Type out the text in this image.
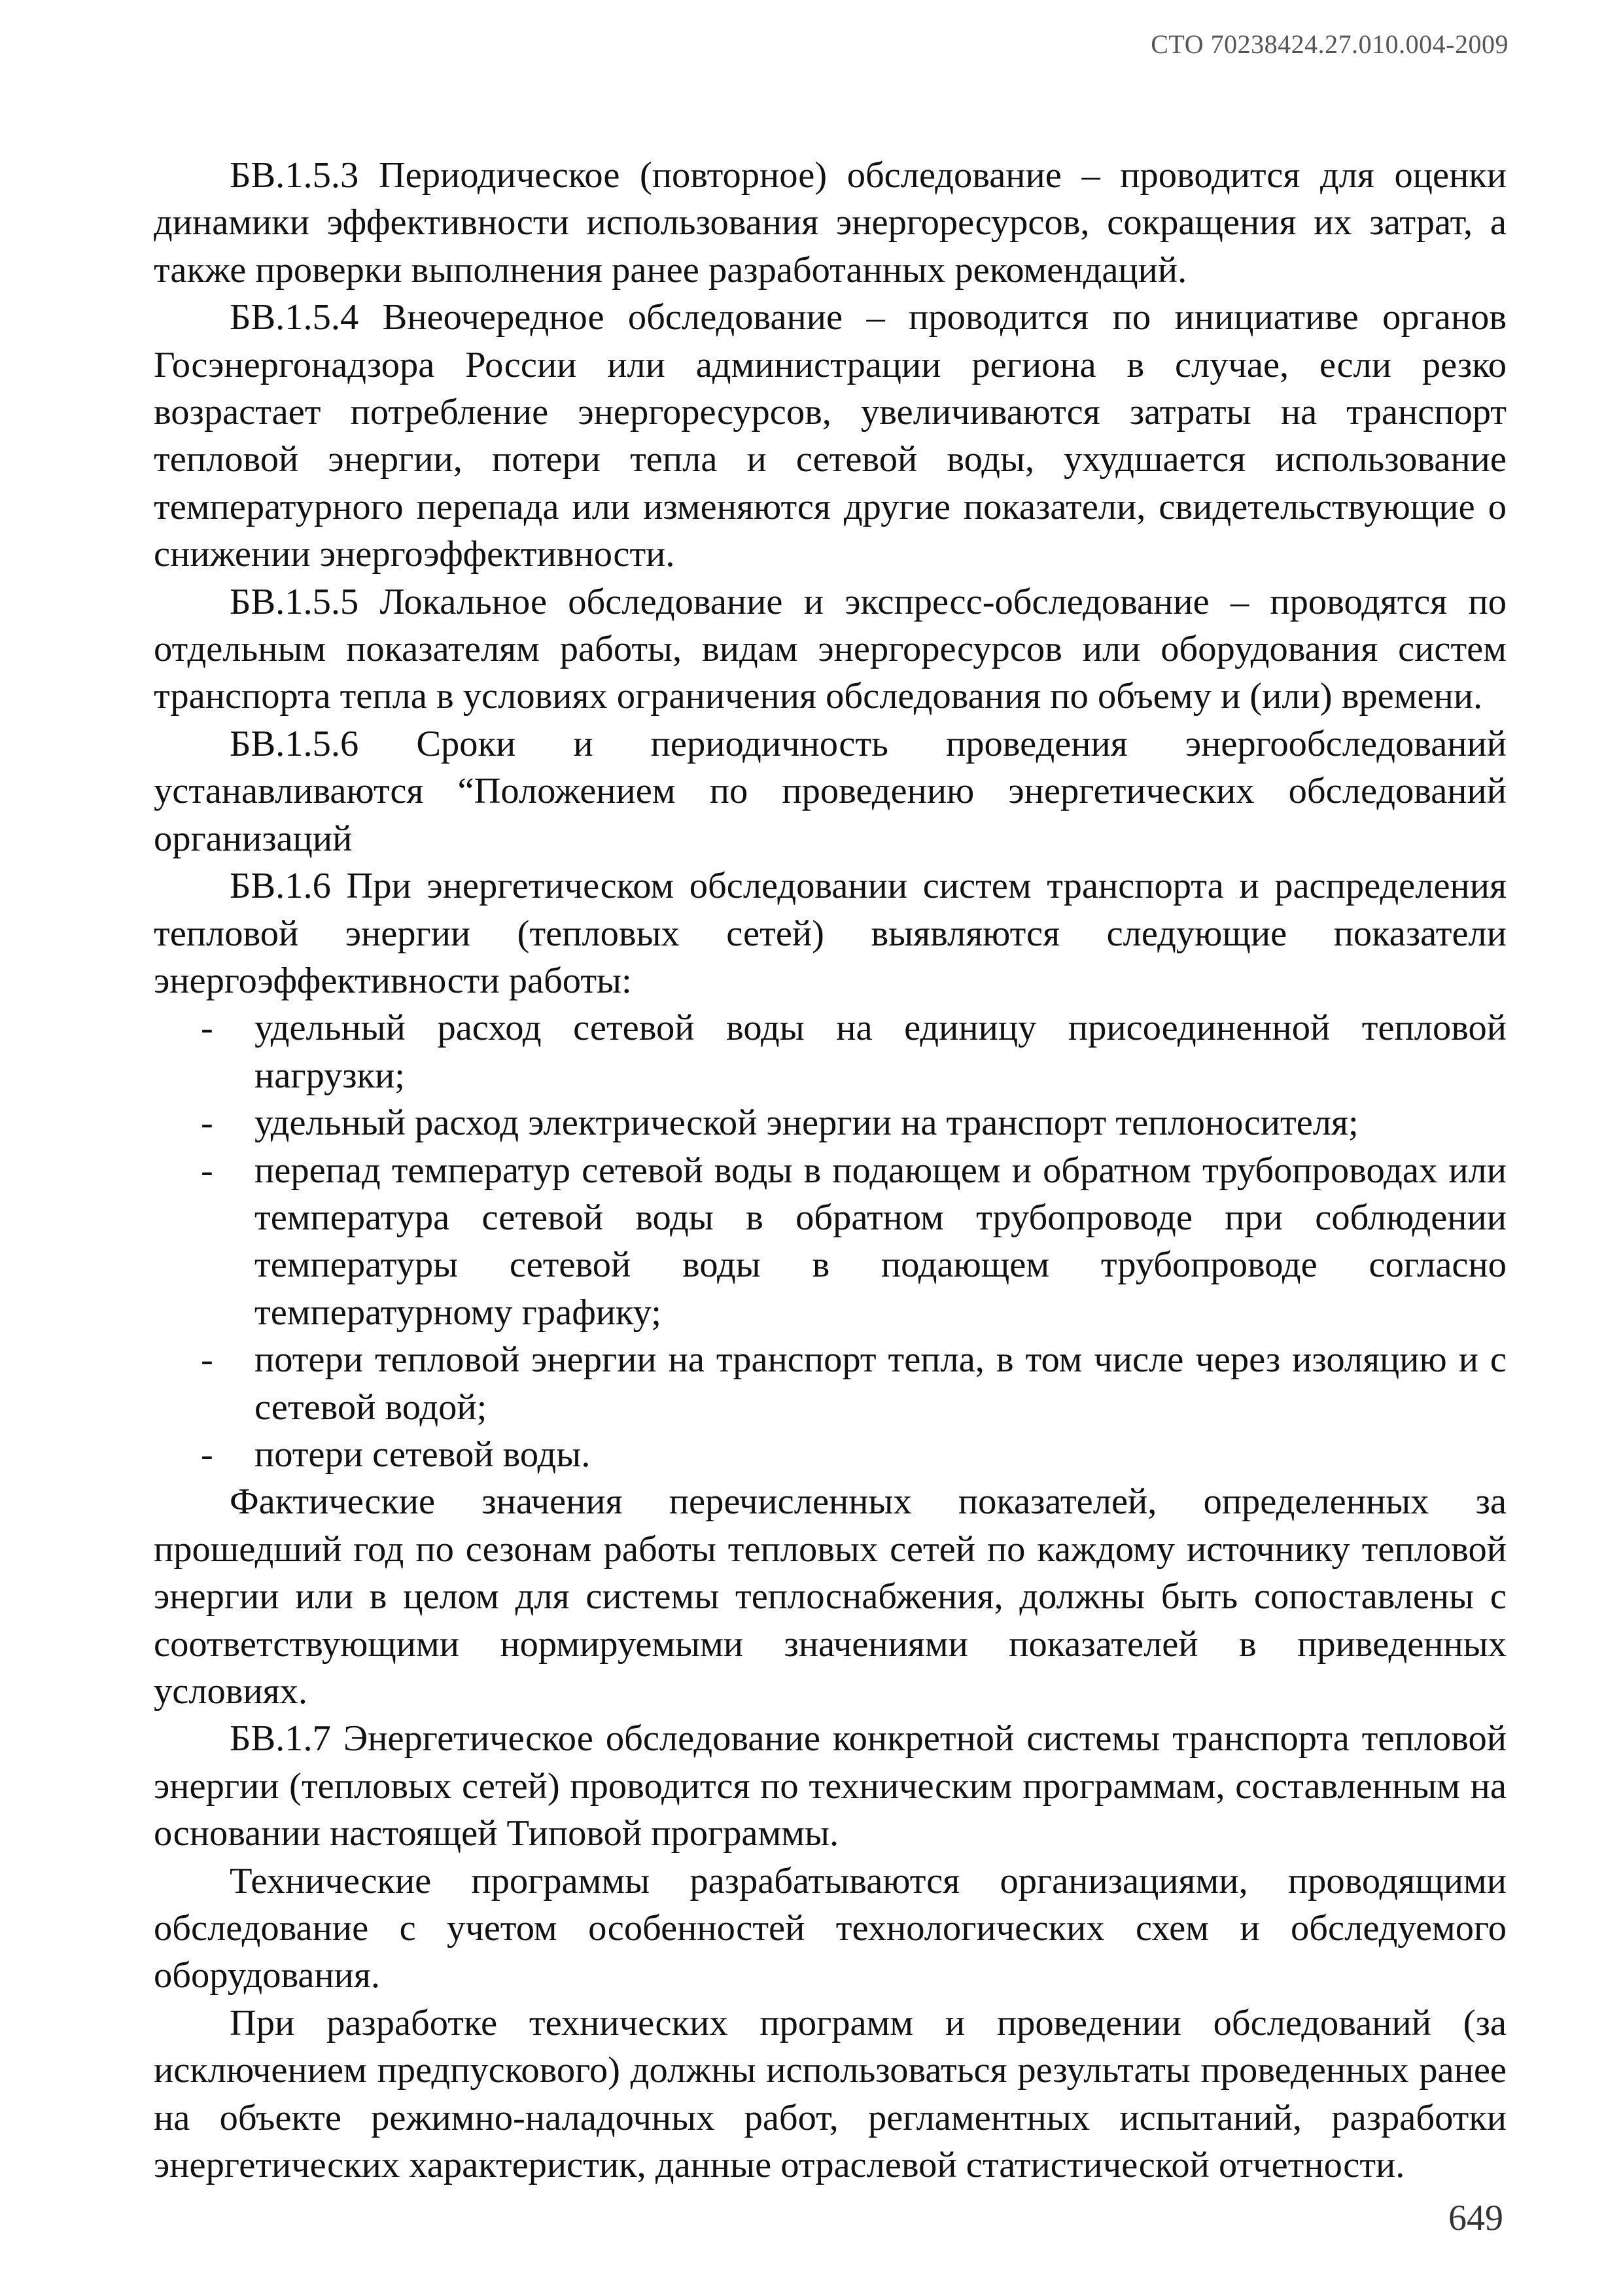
СТО 70238424.27.010.004-2009

БВ.1.5.3 Периодическое (повторное) обследование – проводится для оценки динамики эффективности использования энергоресурсов, сокращения их затрат, а также проверки выполнения ранее разработанных рекомендаций.

БВ.1.5.4 Внеочередное обследование – проводится по инициативе органов Госэнергонадзора России или администрации региона в случае, если резко возрастает потребление энергоресурсов, увеличиваются затраты на транспорт тепловой энергии, потери тепла и сетевой воды, ухудшается использование температурного перепада или изменяются другие показатели, свидетельствующие о снижении энергоэффективности.

БВ.1.5.5 Локальное обследование и экспресс-обследование – проводятся по отдельным показателям работы, видам энергоресурсов или оборудования систем транспорта тепла в условиях ограничения обследования по объему и (или) времени.

БВ.1.5.6 Сроки и периодичность проведения энергообследований устанавливаются “Положением по проведению энергетических обследований организаций

БВ.1.6 При энергетическом обследовании систем транспорта и распределения тепловой энергии (тепловых сетей) выявляются следующие показатели энергоэффективности работы:

- удельный расход сетевой воды на единицу присоединенной тепловой нагрузки;
- удельный расход электрической энергии на транспорт теплоносителя;
- перепад температур сетевой воды в подающем и обратном трубопроводах или температура сетевой воды в обратном трубопроводе при соблюдении температуры сетевой воды в подающем трубопроводе согласно температурному графику;
- потери тепловой энергии на транспорт тепла, в том числе через изоляцию и с сетевой водой;
- потери сетевой воды.

Фактические значения перечисленных показателей, определенных за прошедший год по сезонам работы тепловых сетей по каждому источнику тепловой энергии или в целом для системы теплоснабжения, должны быть сопоставлены с соответствующими нормируемыми значениями показателей в приведенных условиях.

БВ.1.7 Энергетическое обследование конкретной системы транспорта тепловой энергии (тепловых сетей) проводится по техническим программам, составленным на основании настоящей Типовой программы.

Технические программы разрабатываются организациями, проводящими обследование с учетом особенностей технологических схем и обследуемого оборудования.

При разработке технических программ и проведении обследований (за исключением предпускового) должны использоваться результаты проведенных ранее на объекте режимно-наладочных работ, регламентных испытаний, разработки энергетических характеристик, данные отраслевой статистической отчетности.

649
